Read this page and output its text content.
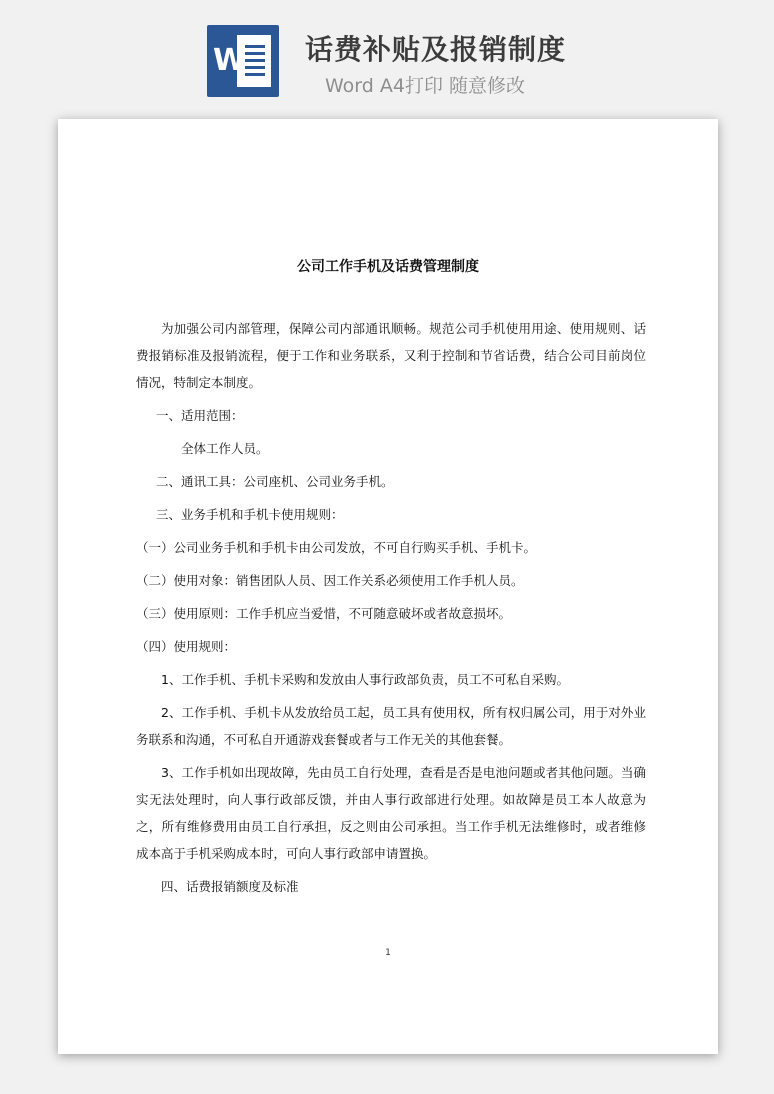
W 话费补贴及报销制度
Word A4打印 随意修改

公司工作手机及话费管理制度

为加强公司内部管理，保障公司内部通讯顺畅。规范公司手机使用用途、使用规则、话费报销标准及报销流程，便于工作和业务联系，又利于控制和节省话费，结合公司目前岗位情况，特制定本制度。

一、适用范围：

全体工作人员。

二、通讯工具：公司座机、公司业务手机。

三、业务手机和手机卡使用规则：

（一）公司业务手机和手机卡由公司发放，不可自行购买手机、手机卡。

（二）使用对象：销售团队人员、因工作关系必须使用工作手机人员。

（三）使用原则：工作手机应当爱惜，不可随意破坏或者故意损坏。

（四）使用规则：

1、工作手机、手机卡采购和发放由人事行政部负责，员工不可私自采购。

2、工作手机、手机卡从发放给员工起，员工具有使用权，所有权归属公司，用于对外业务联系和沟通，不可私自开通游戏套餐或者与工作无关的其他套餐。

3、工作手机如出现故障，先由员工自行处理，查看是否是电池问题或者其他问题。当确实无法处理时，向人事行政部反馈，并由人事行政部进行处理。如故障是员工本人故意为之，所有维修费用由员工自行承担，反之则由公司承担。当工作手机无法维修时，或者维修成本高于手机采购成本时，可向人事行政部申请置换。

四、话费报销额度及标准

1
